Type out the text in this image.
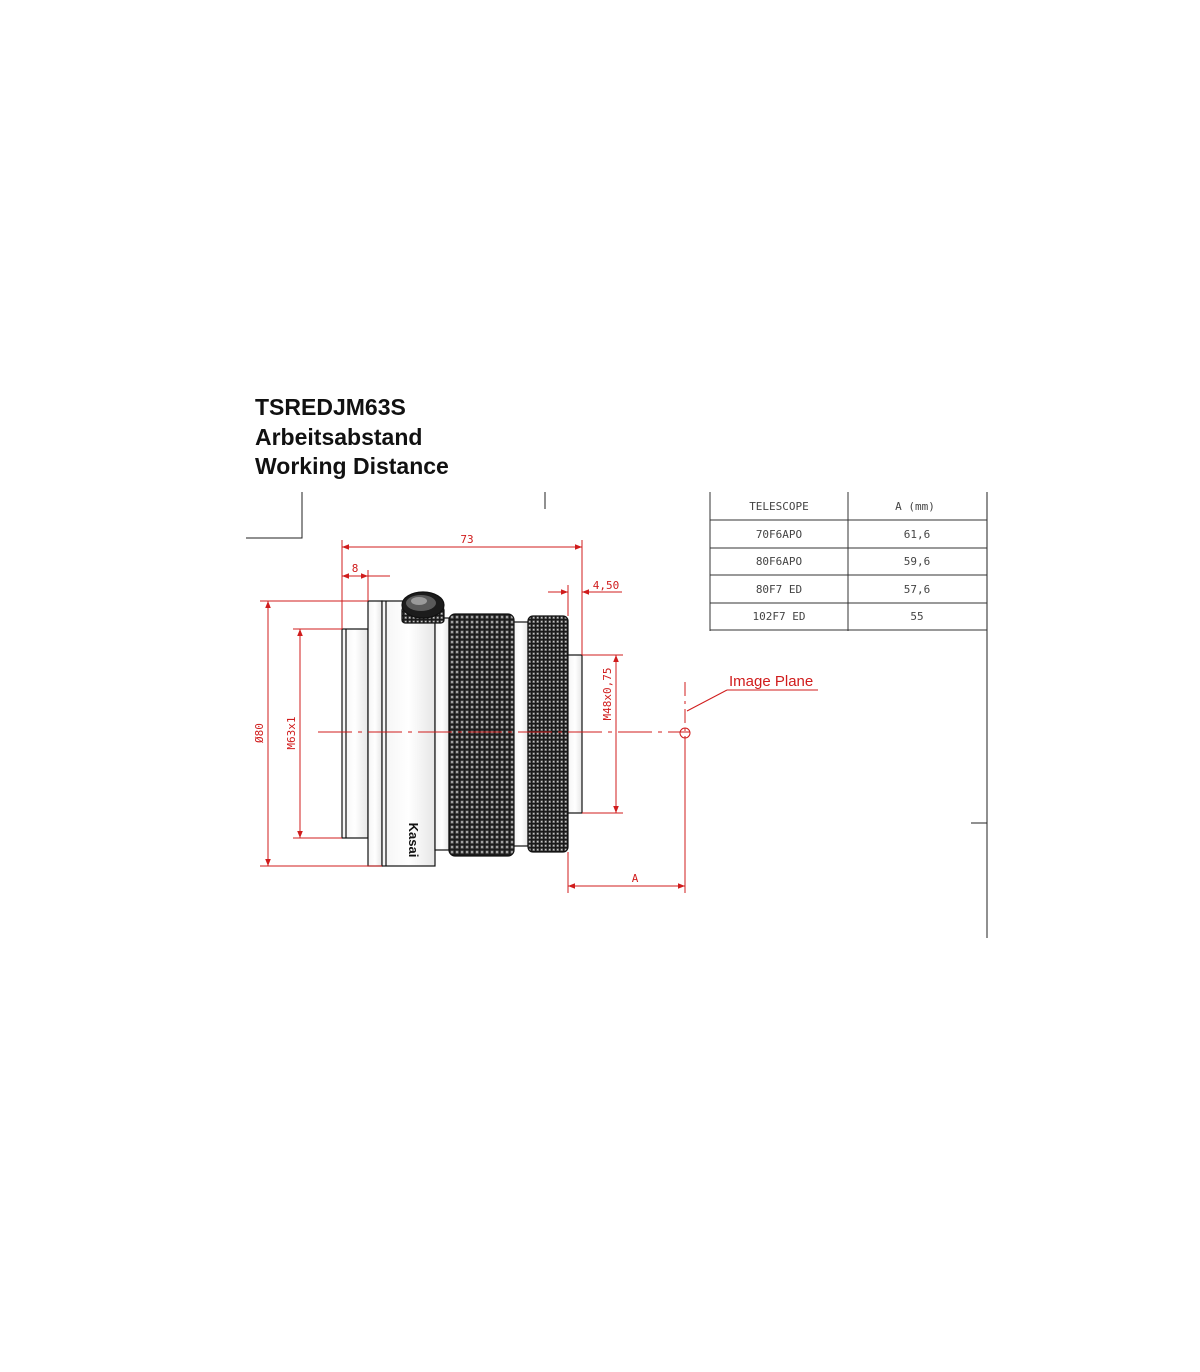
TSREDJM63S
Arbeitsabstand
Working Distance
TELESCOPE	A (mm)
70F6APO	61,6
80F6APO	59,6
80F7 ED	57,6
102F7 ED	55
Kasai
73
8
4,50
Ø80 M63x1
M48x0,75
A
Image Plane
